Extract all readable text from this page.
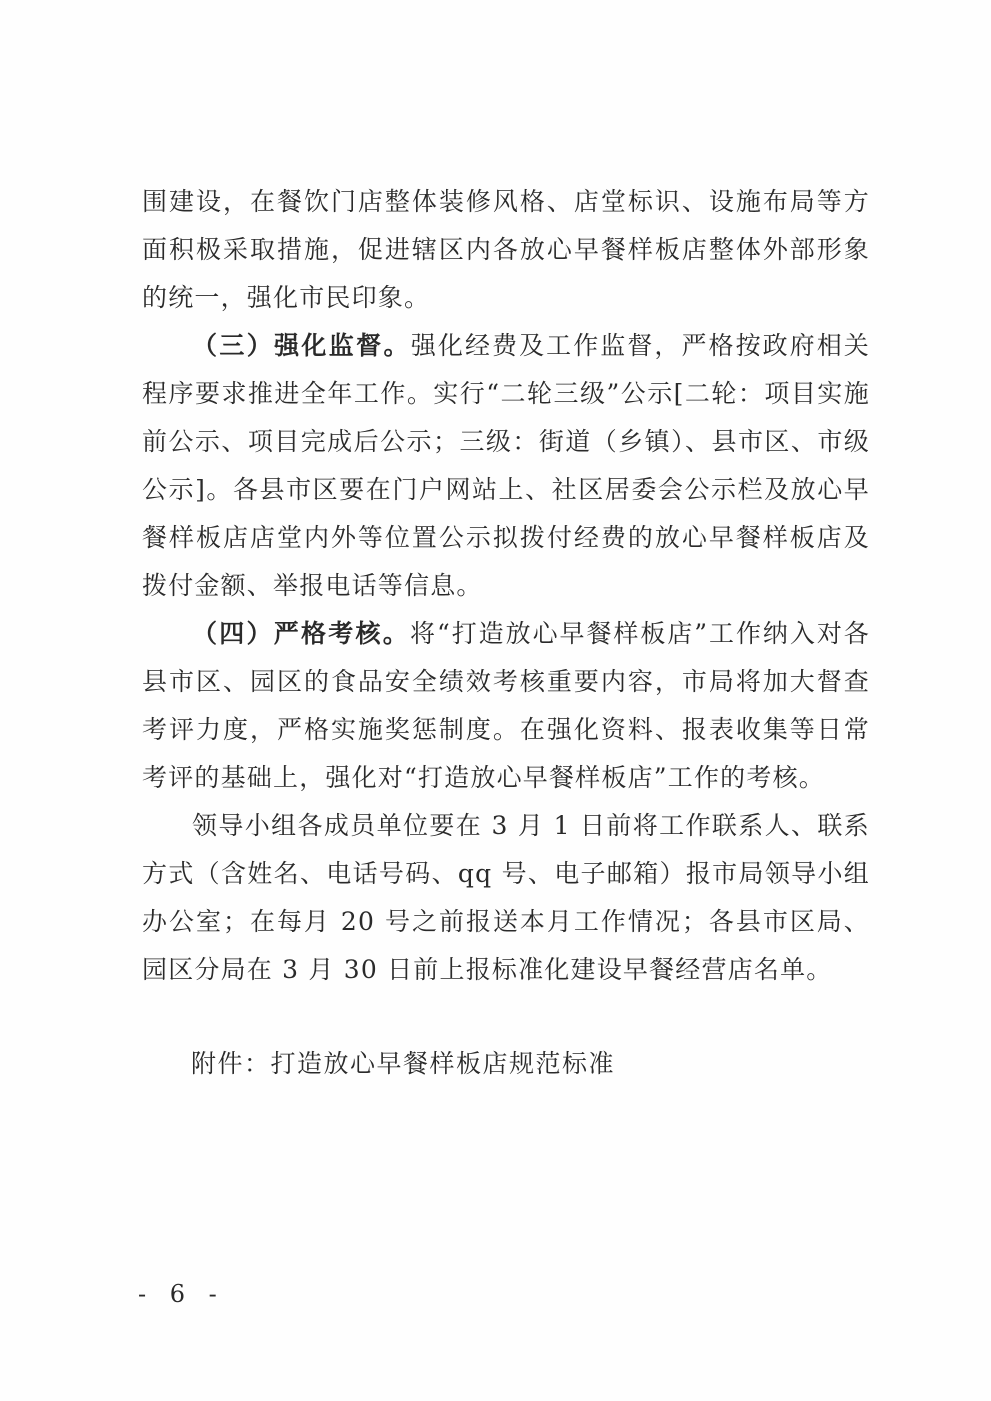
围建设，在餐饮门店整体装修风格、店堂标识、设施布局等方面积极采取措施，促进辖区内各放心早餐样板店整体外部形象的统一，强化市民印象。

（三）强化监督。强化经费及工作监督，严格按政府相关程序要求推进全年工作。实行“二轮三级”公示[二轮：项目实施前公示、项目完成后公示；三级：街道（乡镇）、县市区、市级公示]。各县市区要在门户网站上、社区居委会公示栏及放心早餐样板店店堂内外等位置公示拟拨付经费的放心早餐样板店及拨付金额、举报电话等信息。

（四）严格考核。将“打造放心早餐样板店”工作纳入对各县市区、园区的食品安全绩效考核重要内容，市局将加大督查考评力度，严格实施奖惩制度。在强化资料、报表收集等日常考评的基础上，强化对“打造放心早餐样板店”工作的考核。

领导小组各成员单位要在 3 月 1 日前将工作联系人、联系方式（含姓名、电话号码、qq 号、电子邮箱）报市局领导小组办公室；在每月 20 号之前报送本月工作情况；各县市区局、园区分局在 3 月 30 日前上报标准化建设早餐经营店名单。

附件：打造放心早餐样板店规范标准
- 6 -
